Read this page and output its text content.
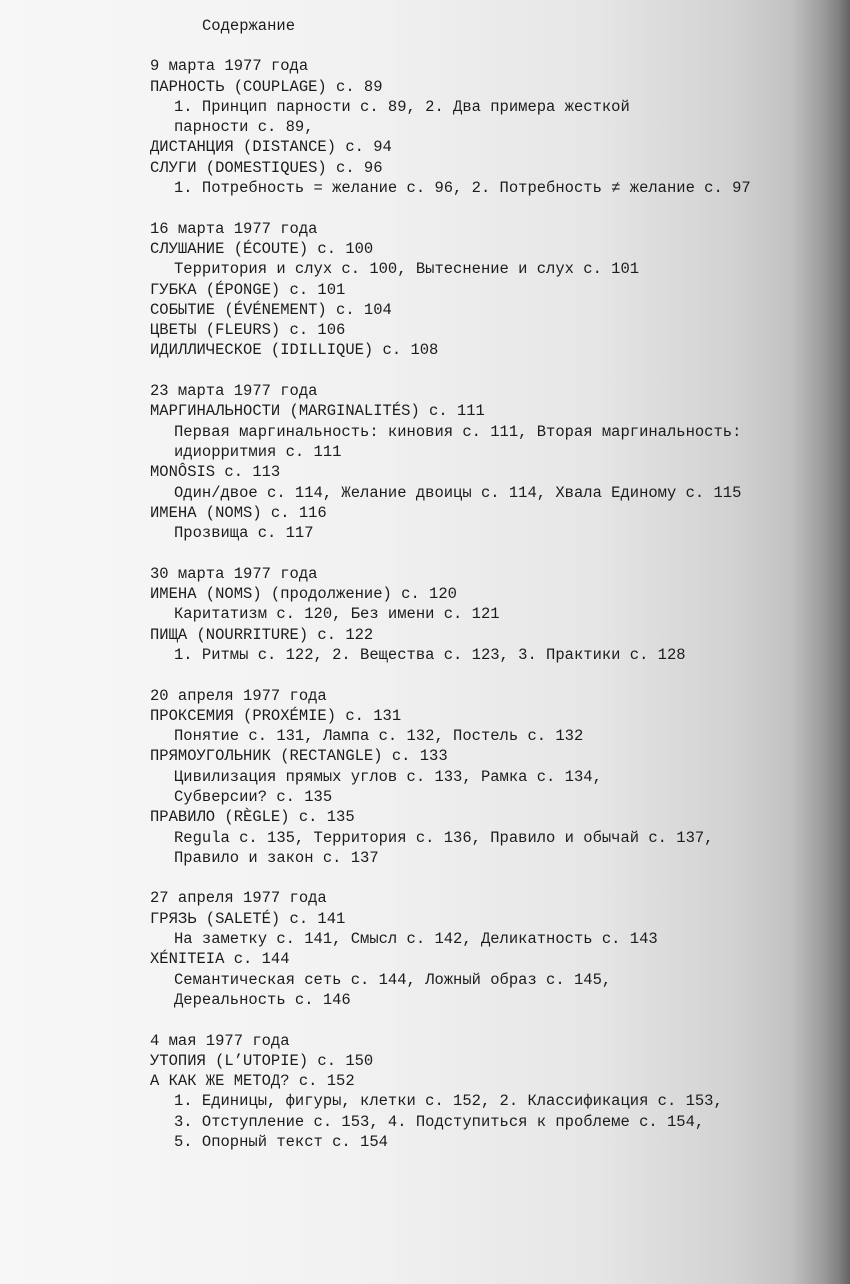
Содержание
9 марта 1977 года
ПАРНОСТЬ (COUPLAGE) с. 89
1. Принцип парности с. 89, 2. Два примера жесткой
парности с. 89,
ДИСТАНЦИЯ (DISTANCE) с. 94
СЛУГИ (DOMESTIQUES) с. 96
1. Потребность = желание с. 96, 2. Потребность ≠ желание с. 97
16 марта 1977 года
СЛУШАНИЕ (ÉCOUTE) с. 100
Территория и слух с. 100, Вытеснение и слух с. 101
ГУБКА (ÉPONGE) с. 101
СОБЫТИЕ (ÉVÉNEMENT) с. 104
ЦВЕТЫ (FLEURS) с. 106
ИДИЛЛИЧЕСКОЕ (IDILLIQUE) с. 108
23 марта 1977 года
МАРГИНАЛЬНОСТИ (MARGINALITÉS) с. 111
Первая маргинальность: киновия с. 111, Вторая маргинальность:
идиорритмия с. 111
MONÔSIS с. 113
Один/двое с. 114, Желание двоицы с. 114, Хвала Единому с. 115
ИМЕНА (NOMS) с. 116
Прозвища с. 117
30 марта 1977 года
ИМЕНА (NOMS) (продолжение) с. 120
Каритатизм с. 120, Без имени с. 121
ПИЩА (NOURRITURE) с. 122
1. Ритмы с. 122, 2. Вещества с. 123, 3. Практики с. 128
20 апреля 1977 года
ПРОКСЕМИЯ (PROXÉMIE) с. 131
Понятие с. 131, Лампа с. 132, Постель с. 132
ПРЯМОУГОЛЬНИК (RECTANGLE) с. 133
Цивилизация прямых углов с. 133, Рамка с. 134,
Субверсии? с. 135
ПРАВИЛО (RÈGLE) с. 135
Regula с. 135, Территория с. 136, Правило и обычай с. 137,
Правило и закон с. 137
27 апреля 1977 года
ГРЯЗЬ (SALETÉ) с. 141
На заметку с. 141, Смысл с. 142, Деликатность с. 143
XÉNITEIA с. 144
Семантическая сеть с. 144, Ложный образ с. 145,
Дереальность с. 146
4 мая 1977 года
УТОПИЯ (L’UTOPIE) с. 150
А КАК ЖЕ МЕТОД? с. 152
1. Единицы, фигуры, клетки с. 152, 2. Классификация с. 153,
3. Отступление с. 153, 4. Подступиться к проблеме с. 154,
5. Опорный текст с. 154
